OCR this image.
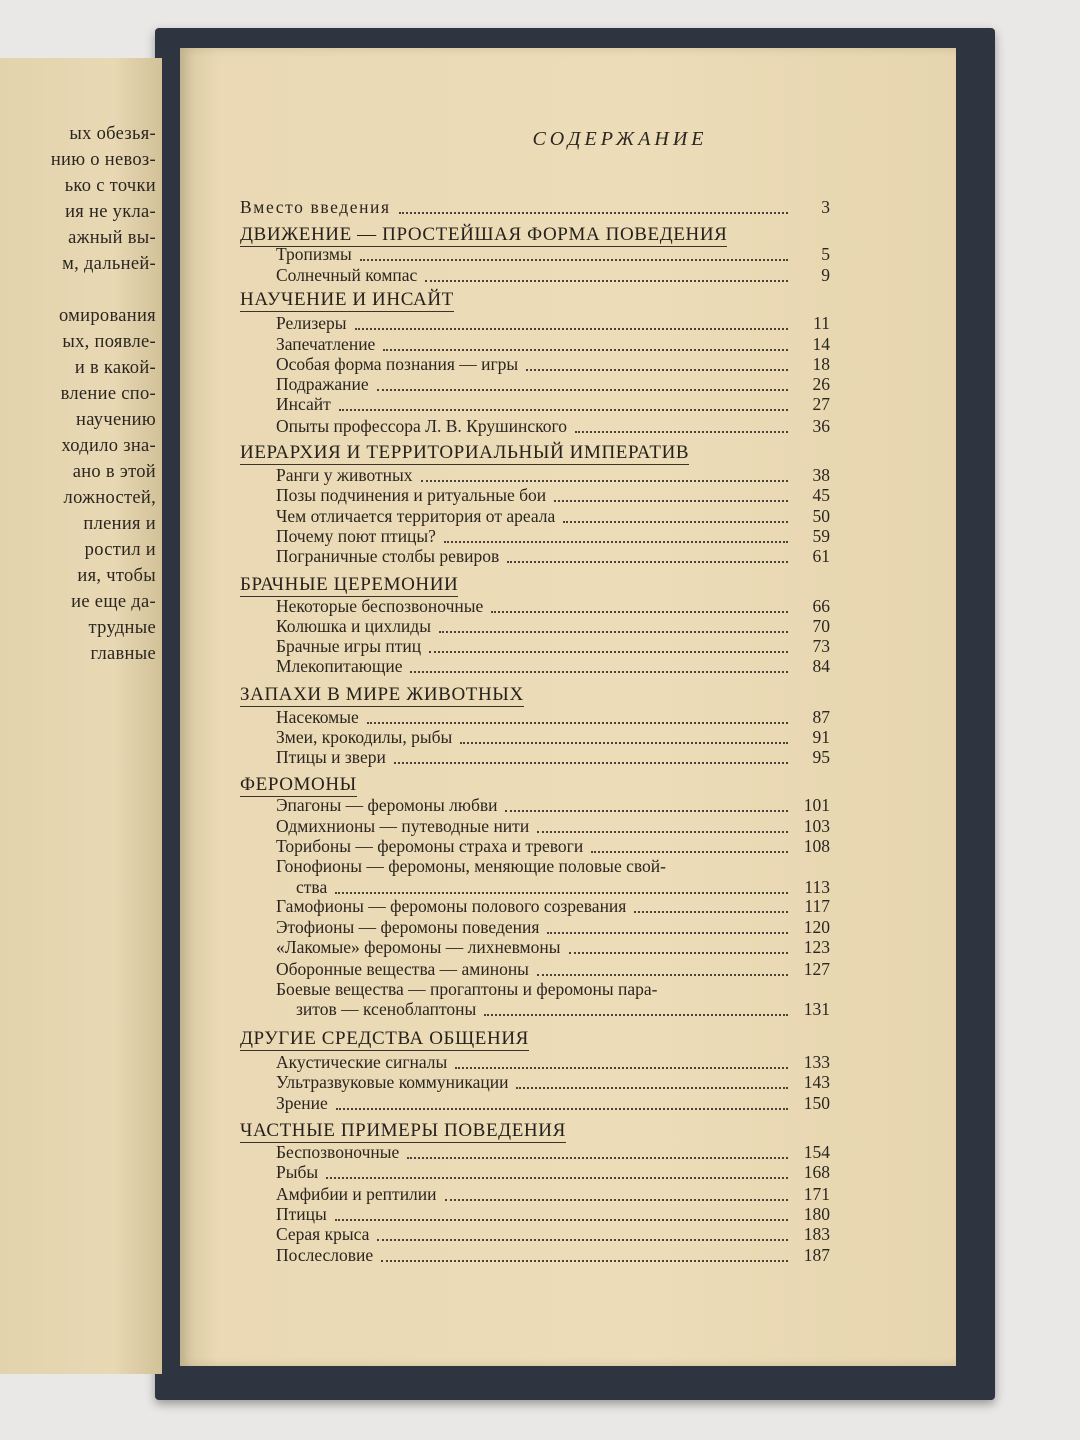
ых обезья-
нию о невоз-
ько с точки
ия не укла-
ажный вы-
м, дальней-
омирования
ых, появле-
и в какой-
вление спо-
научению
ходило зна-
ано в этой
ложностей,
пления и
ростил и
ия, чтобы
ие еще да-
трудные
главные
СОДЕРЖАНИЕ
Вместо введения	3
ДВИЖЕНИЕ — ПРОСТЕЙШАЯ ФОРМА ПОВЕДЕНИЯ
Тропизмы	5
Солнечный компас	9
НАУЧЕНИЕ И ИНСАЙТ
Релизеры	11
Запечатление	14
Особая форма познания — игры	18
Подражание	26
Инсайт	27
Опыты профессора Л. В. Крушинского	36
ИЕРАРХИЯ И ТЕРРИТОРИАЛЬНЫЙ ИМПЕРАТИВ
Ранги у животных	38
Позы подчинения и ритуальные бои	45
Чем отличается территория от ареала	50
Почему поют птицы?	59
Пограничные столбы ревиров	61
БРАЧНЫЕ ЦЕРЕМОНИИ
Некоторые беспозвоночные	66
Колюшка и цихлиды	70
Брачные игры птиц	73
Млекопитающие	84
ЗАПАХИ В МИРЕ ЖИВОТНЫХ
Насекомые	87
Змеи, крокодилы, рыбы	91
Птицы и звери	95
ФЕРОМОНЫ
Эпагоны — феромоны любви	101
Одмихнионы — путеводные нити	103
Торибоны — феромоны страха и тревоги	108
Гонофионы — феромоны, меняющие половые свой-
ства	113
Гамофионы — феромоны полового созревания	117
Этофионы — феромоны поведения	120
«Лакомые» феромоны — лихневмоны	123
Оборонные вещества — аминоны	127
Боевые вещества — прогаптоны и феромоны пара-
зитов — ксеноблаптоны	131
ДРУГИЕ СРЕДСТВА ОБЩЕНИЯ
Акустические сигналы	133
Ультразвуковые коммуникации	143
Зрение	150
ЧАСТНЫЕ ПРИМЕРЫ ПОВЕДЕНИЯ
Беспозвоночные	154
Рыбы	168
Амфибии и рептилии	171
Птицы	180
Серая крыса	183
Послесловие	187
